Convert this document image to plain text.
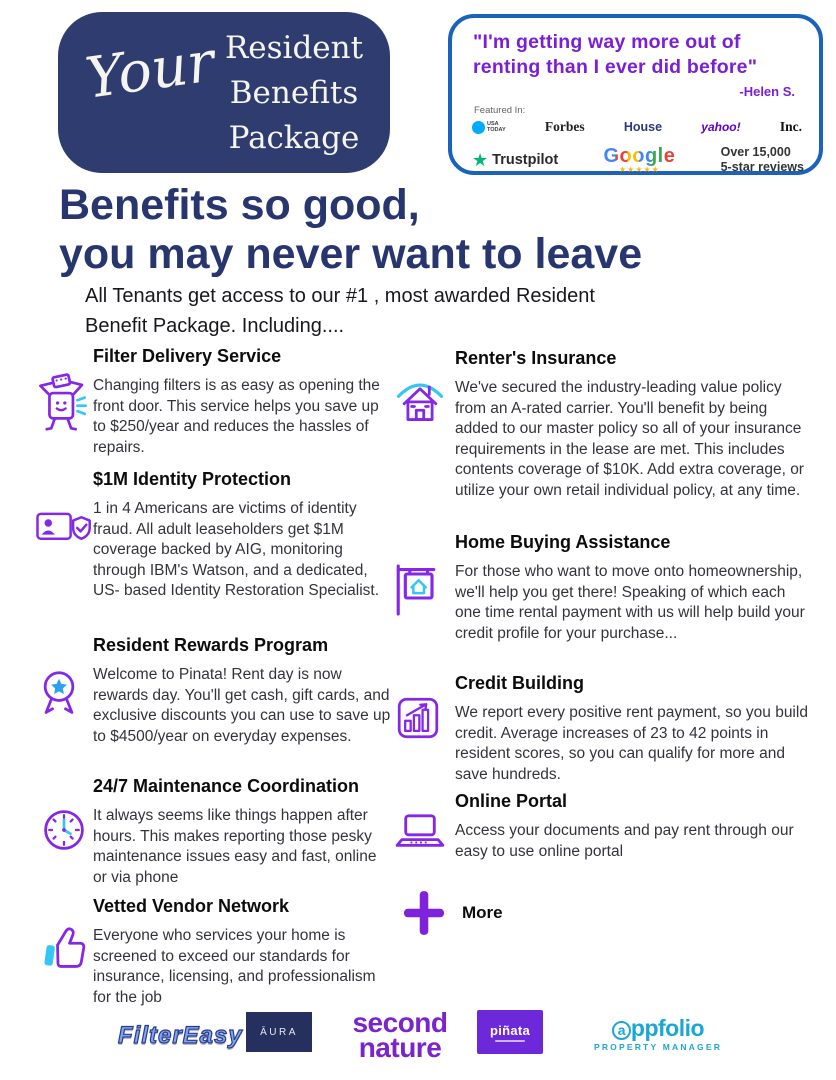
Your Resident
Benefits
Package
"I'm getting way more out of
renting than I ever did before"
-Helen S.
Featured In:
USA
TODAY	Forbes	House	yahoo!	Inc.
★ Trustpilot Google
★★★★★
Over 15,000
5-star reviews
Benefits so good,
you may never want to leave
All Tenants get access to our #1 , most awarded Resident
Benefit Package. Including....
Filter Delivery Service

Changing filters is as easy as opening the front door. This service helps you save up to $250/year and reduces the hassles of repairs.

$1M Identity Protection

1 in 4 Americans are victims of identity fraud. All adult leaseholders get $1M coverage backed by AIG, monitoring through IBM's Watson, and a dedicated, US- based Identity Restoration Specialist.

Resident Rewards Program

Welcome to Pinata! Rent day is now rewards day. You'll get cash, gift cards, and exclusive discounts you can use to save up to $4500/year on everyday expenses.

24/7 Maintenance Coordination

It always seems like things happen after hours. This makes reporting those pesky maintenance issues easy and fast, online or via phone

Vetted Vendor Network

Everyone who services your home is screened to exceed our standards for insurance, licensing, and professionalism for the job

Renter's Insurance

We've secured the industry-leading value policy from an A-rated carrier. You'll benefit by being added to our master policy so all of your insurance requirements in the lease are met. This includes contents coverage of $10K. Add extra coverage, or utilize your own retail individual policy, at any time.

Home Buying Assistance

For those who want to move onto homeownership, we'll help you get there! Speaking of which each one time rental payment with us will help build your credit profile for your purchase...

Credit Building

We report every positive rent payment, so you build credit. Average increases of 23 to 42 points in resident scores, so you can qualify for more and save hundreds.

Online Portal

Access your documents and pay rent through our easy to use online portal

More
FilterEasy ĀURA	second
nature
piñata	a ppfolio
PROPERTY MANAGER
